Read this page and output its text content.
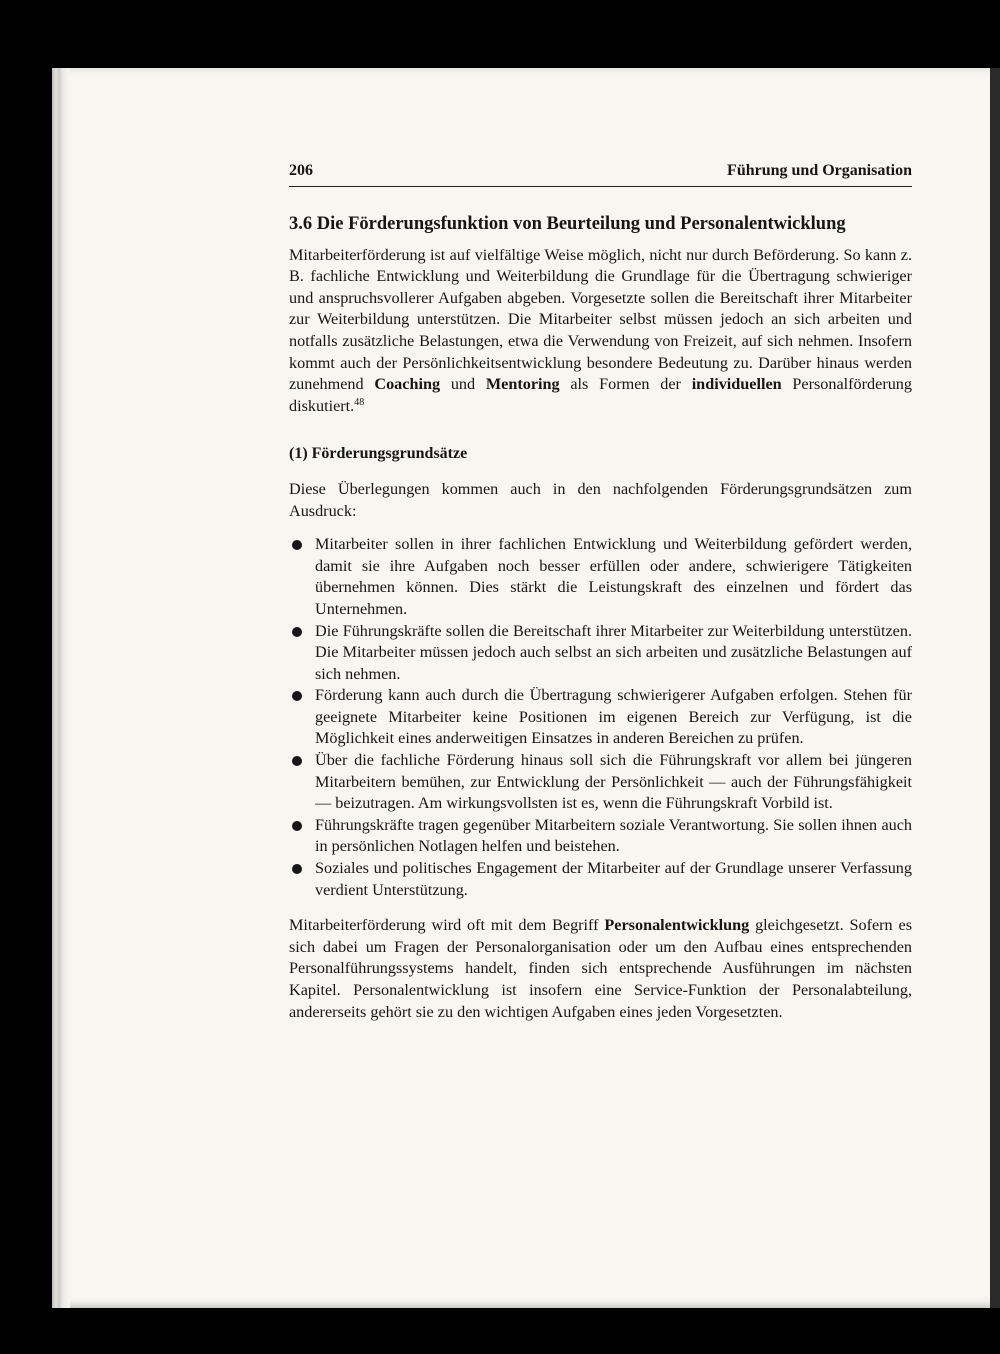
206	Führung und Organisation
3.6 Die Förderungsfunktion von Beurteilung und Personalentwicklung

Mitarbeiterförderung ist auf vielfältige Weise möglich, nicht nur durch Beförderung. So kann z. B. fachliche Entwicklung und Weiterbildung die Grundlage für die Übertragung schwieriger und anspruchsvollerer Aufgaben abgeben. Vorgesetzte sollen die Bereitschaft ihrer Mitarbeiter zur Weiterbildung unterstützen. Die Mitarbeiter selbst müssen jedoch an sich arbeiten und notfalls zusätzliche Belastungen, etwa die Verwendung von Freizeit, auf sich nehmen. Insofern kommt auch der Persönlichkeitsentwicklung besondere Bedeutung zu. Darüber hinaus werden zunehmend Coaching und Mentoring als Formen der individuellen Personalförderung diskutiert.$^{48}$

(1) Förderungsgrundsätze

Diese Überlegungen kommen auch in den nachfolgenden Förderungsgrundsätzen zum Ausdruck:

Mitarbeiter sollen in ihrer fachlichen Entwicklung und Weiterbildung gefördert werden, damit sie ihre Aufgaben noch besser erfüllen oder andere, schwierigere Tätigkeiten übernehmen können. Dies stärkt die Leistungskraft des einzelnen und fördert das Unternehmen.
Die Führungskräfte sollen die Bereitschaft ihrer Mitarbeiter zur Weiterbildung unterstützen. Die Mitarbeiter müssen jedoch auch selbst an sich arbeiten und zusätzliche Belastungen auf sich nehmen.
Förderung kann auch durch die Übertragung schwierigerer Aufgaben erfolgen. Stehen für geeignete Mitarbeiter keine Positionen im eigenen Bereich zur Verfügung, ist die Möglichkeit eines anderweitigen Einsatzes in anderen Bereichen zu prüfen.
Über die fachliche Förderung hinaus soll sich die Führungskraft vor allem bei jüngeren Mitarbeitern bemühen, zur Entwicklung der Persönlichkeit — auch der Führungsfähigkeit — beizutragen. Am wirkungsvollsten ist es, wenn die Führungskraft Vorbild ist.
Führungskräfte tragen gegenüber Mitarbeitern soziale Verantwortung. Sie sollen ihnen auch in persönlichen Notlagen helfen und beistehen.
Soziales und politisches Engagement der Mitarbeiter auf der Grundlage unserer Verfassung verdient Unterstützung.

Mitarbeiterförderung wird oft mit dem Begriff Personalentwicklung gleichgesetzt. Sofern es sich dabei um Fragen der Personalorganisation oder um den Aufbau eines entsprechenden Personalführungssystems handelt, finden sich entsprechende Ausführungen im nächsten Kapitel. Personalentwicklung ist insofern eine Service-Funktion der Personalabteilung, andererseits gehört sie zu den wichtigen Aufgaben eines jeden Vorgesetzten.
